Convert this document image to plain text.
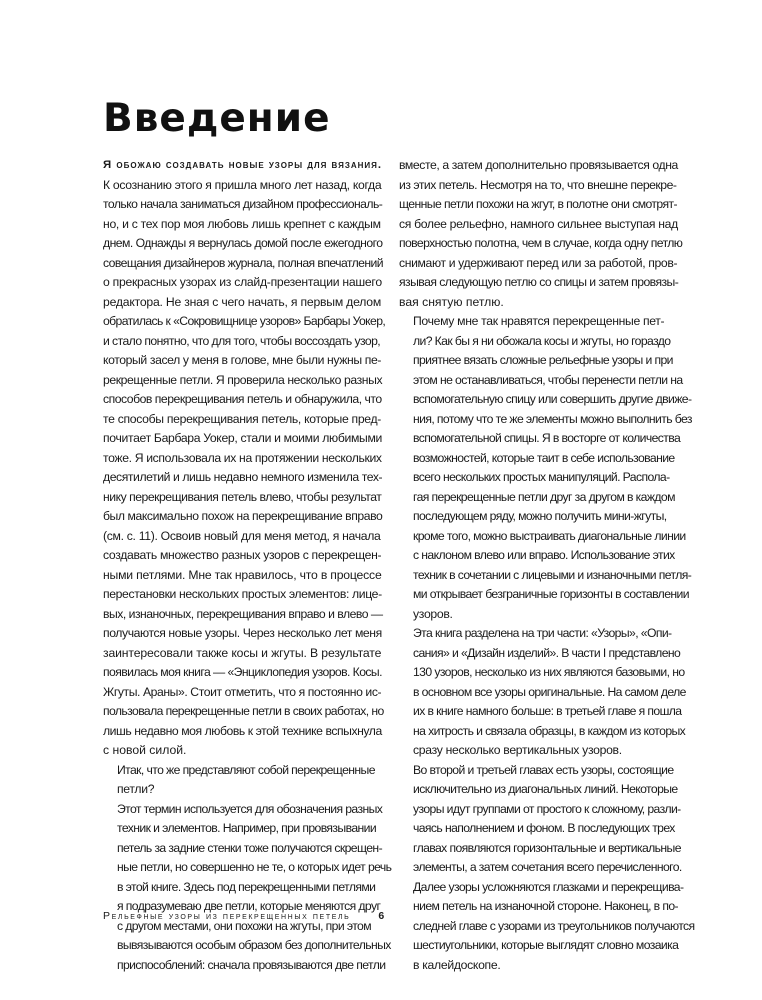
Введение

Я обожаю создавать новые узоры для вязания.
К осознанию этого я пришла много лет назад, когда
только начала заниматься дизайном профессиональ-
но, и с тех пор моя любовь лишь крепнет с каждым
днем. Однажды я вернулась домой после ежегодного
совещания дизайнеров журнала, полная впечатлений
о прекрасных узорах из слайд-презентации нашего
редактора. Не зная с чего начать, я первым делом
обратилась к «Сокровищнице узоров» Барбары Уокер,
и стало понятно, что для того, чтобы воссоздать узор,
который засел у меня в голове, мне были нужны пе-
рекрещенные петли. Я проверила несколько разных
способов перекрещивания петель и обнаружила, что
те способы перекрещивания петель, которые пред-
почитает Барбара Уокер, стали и моими любимыми
тоже. Я использовала их на протяжении нескольких
десятилетий и лишь недавно немного изменила тех-
нику перекрещивания петель влево, чтобы результат
был максимально похож на перекрещивание вправо
(см. с. 11). Освоив новый для меня метод, я начала
создавать множество разных узоров с перекрещен-
ными петлями. Мне так нравилось, что в процессе
перестановки нескольких простых элементов: лице-
вых, изнаночных, перекрещивания вправо и влево —
получаются новые узоры. Через несколько лет меня
заинтересовали также косы и жгуты. В результате
появилась моя книга — «Энциклопедия узоров. Косы.
Жгуты. Араны». Стоит отметить, что я постоянно ис-
пользовала перекрещенные петли в своих работах, но
лишь недавно моя любовь к этой технике вспыхнула
с новой силой.

Итак, что же представляют собой перекрещенные
петли?

Этот термин используется для обозначения разных
техник и элементов. Например, при провязывании
петель за задние стенки тоже получаются скрещен-
ные петли, но совершенно не те, о которых идет речь
в этой книге. Здесь под перекрещенными петлями
я подразумеваю две петли, которые меняются друг
с другом местами, они похожи на жгуты, при этом
вывязываются особым образом без дополнительных
приспособлений: сначала провязываются две петли

вместе, а затем дополнительно провязывается одна
из этих петель. Несмотря на то, что внешне перекре-
щенные петли похожи на жгут, в полотне они смотрят-
ся более рельефно, намного сильнее выступая над
поверхностью полотна, чем в случае, когда одну петлю
снимают и удерживают перед или за работой, пров-
язывая следующую петлю со спицы и затем провязы-
вая снятую петлю.

Почему мне так нравятся перекрещенные пет-
ли? Как бы я ни обожала косы и жгуты, но гораздо
приятнее вязать сложные рельефные узоры и при
этом не останавливаться, чтобы перенести петли на
вспомогательную спицу или совершить другие движе-
ния, потому что те же элементы можно выполнить без
вспомогательной спицы. Я в восторге от количества
возможностей, которые таит в себе использование
всего нескольких простых манипуляций. Распола-
гая перекрещенные петли друг за другом в каждом
последующем ряду, можно получить мини-жгуты,
кроме того, можно выстраивать диагональные линии
с наклоном влево или вправо. Использование этих
техник в сочетании с лицевыми и изнаночными петля-
ми открывает безграничные горизонты в составлении
узоров.

Эта книга разделена на три части: «Узоры», «Опи-
сания» и «Дизайн изделий». В части I представлено
130 узоров, несколько из них являются базовыми, но
в основном все узоры оригинальные. На самом деле
их в книге намного больше: в третьей главе я пошла
на хитрость и связала образцы, в каждом из которых
сразу несколько вертикальных узоров.

Во второй и третьей главах есть узоры, состоящие
исключительно из диагональных линий. Некоторые
узоры идут группами от простого к сложному, разли-
чаясь наполнением и фоном. В последующих трех
главах появляются горизонтальные и вертикальные
элементы, а затем сочетания всего перечисленного.
Далее узоры усложняются глазками и перекрещива-
нием петель на изнаночной стороне. Наконец, в по-
следней главе с узорами из треугольников получаются
шестиугольники, которые выглядят словно мозаика
в калейдоскопе.

Рельефные узоры из перекрещенных петель	6
